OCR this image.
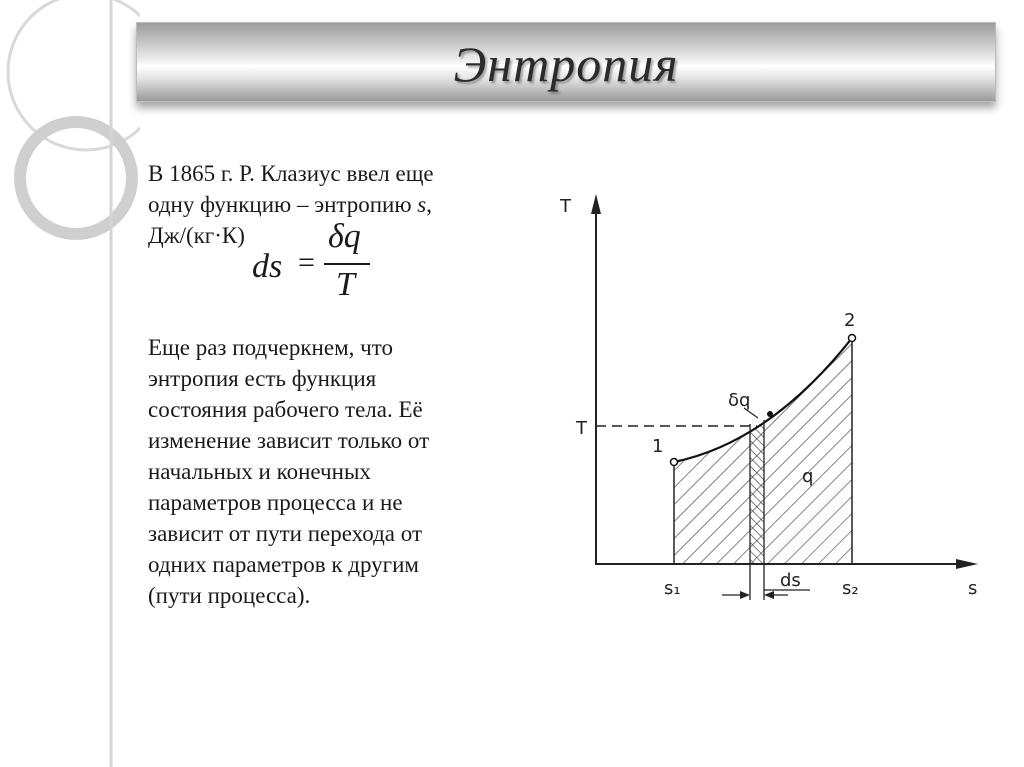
Энтропия
В 1865 г. Р. Клазиус ввел еще
одну функцию – энтропию s,
Дж/(кг·К)
ds =
δq
T
Еще раз подчеркнем, что
энтропия есть функция
состояния рабочего тела. Её
изменение зависит только от
начальных и конечных
параметров процесса и не
зависит от пути перехода от
одних параметров к другим
(пути процесса).
T
s
T
1
2
δq
q
s₁	s₂
ds
